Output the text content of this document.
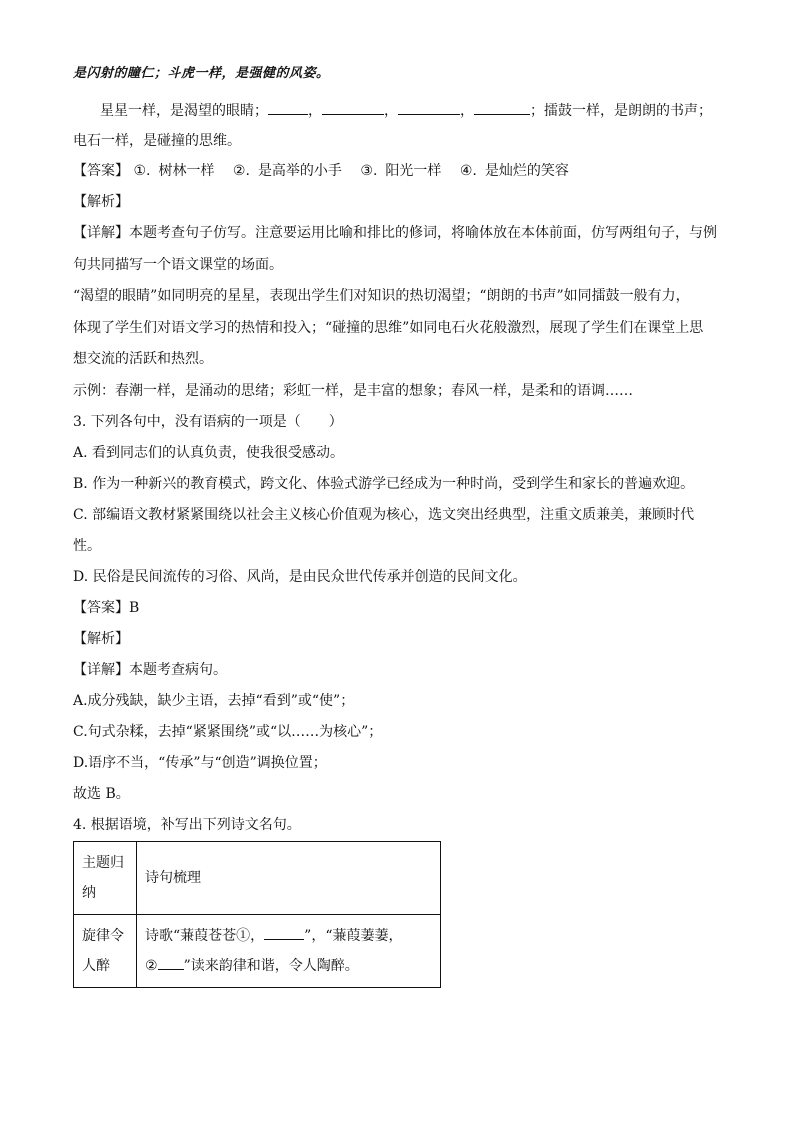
是闪射的瞳仁；斗虎一样，是强健的风姿。
星星一样，是渴望的眼睛；	，	，	，	；擂鼓一样，是朗朗的书声；
电石一样，是碰撞的思维。
【答案】 ①. 树林一样 ②. 是高举的小手 ③. 阳光一样 ④. 是灿烂的笑容
【解析】
【详解】本题考查句子仿写。注意要运用比喻和排比的修词，将喻体放在本体前面，仿写两组句子，与例
句共同描写一个语文课堂的场面。
“渴望的眼睛”如同明亮的星星，表现出学生们对知识的热切渴望；“朗朗的书声”如同擂鼓一般有力，
体现了学生们对语文学习的热情和投入；“碰撞的思维”如同电石火花般激烈，展现了学生们在课堂上思
想交流的活跃和热烈。
示例：春潮一样，是涌动的思绪；彩虹一样，是丰富的想象；春风一样，是柔和的语调……
3. 下列各句中，没有语病的一项是（　　）
A. 看到同志们的认真负责，使我很受感动。
B. 作为一种新兴的教育模式，跨文化、体验式游学已经成为一种时尚，受到学生和家长的普遍欢迎。
C. 部编语文教材紧紧围绕以社会主义核心价值观为核心，选文突出经典型，注重文质兼美，兼顾时代
性。
D. 民俗是民间流传的习俗、风尚，是由民众世代传承并创造的民间文化。
【答案】B
【解析】
【详解】本题考查病句。
A.成分残缺，缺少主语，去掉“看到”或“使”；
C.句式杂糅，去掉“紧紧围绕”或“以……为核心”；
D.语序不当，“传承”与“创造”调换位置；
故选 B。
4. 根据语境，补写出下列诗文名句。
主题归
纳	诗句梳理
旋律令
人醉	诗歌“蒹葭苍苍①， ”，“蒹葭萋萋，
② ”读来韵律和谐，令人陶醉。
